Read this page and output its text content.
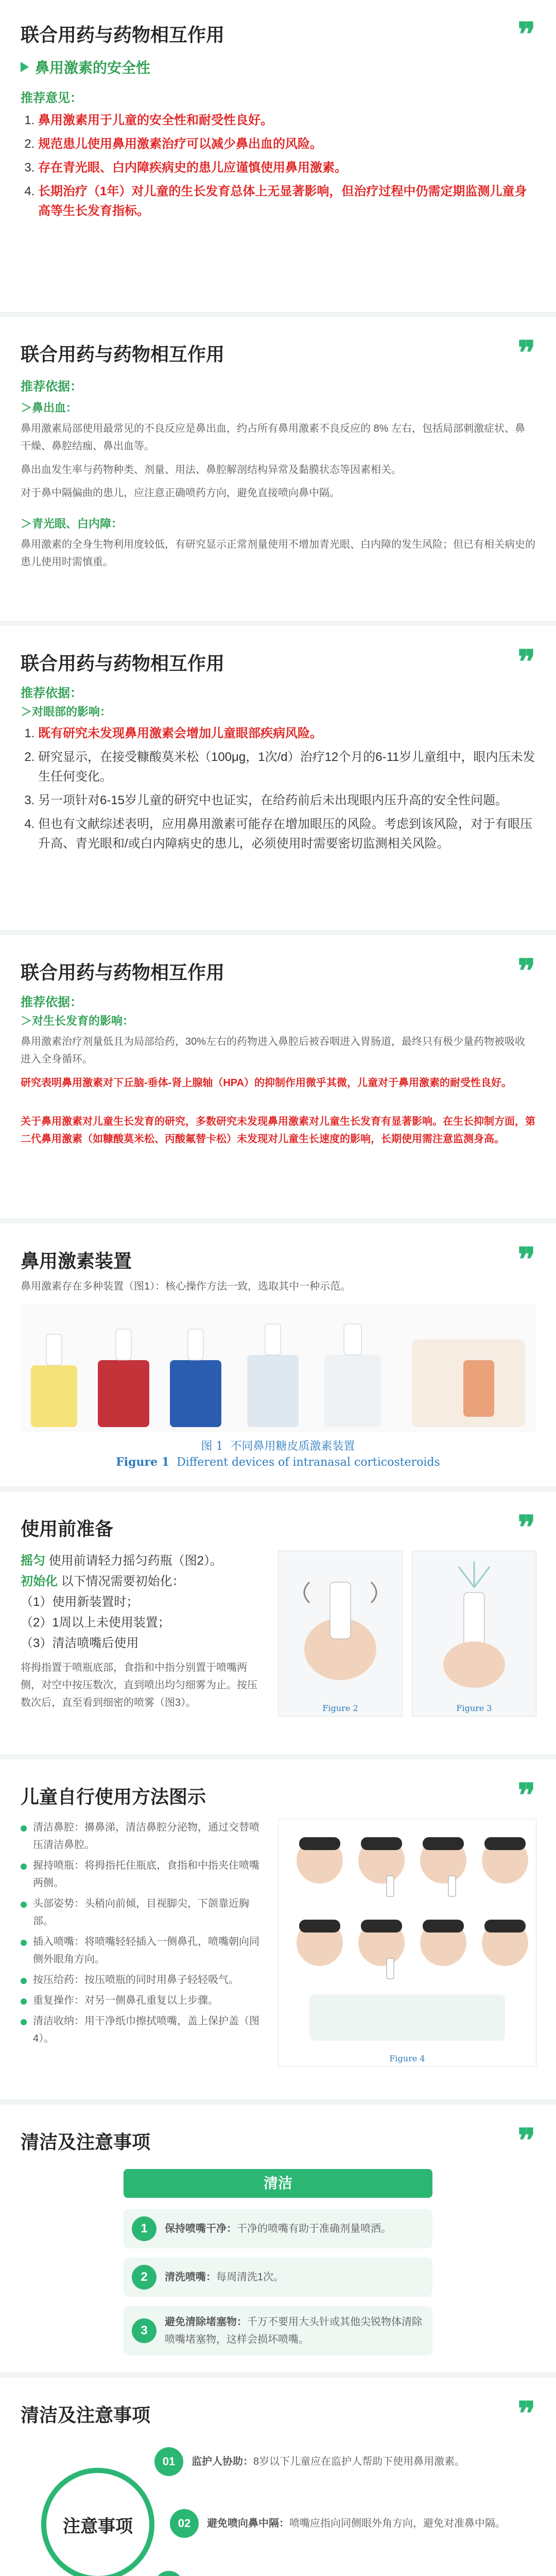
联合用药与药物相互作用	❞
鼻用激素的安全性
推荐意见：
1. 鼻用激素用于儿童的安全性和耐受性良好。
2. 规范患儿使用鼻用激素治疗可以减少鼻出血的风险。
3. 存在青光眼、白内障疾病史的患儿应谨慎使用鼻用激素。
4. 长期治疗（1年）对儿童的生长发育总体上无显著影响，但治疗过程中仍需定期监测儿童身高等生长发育指标。
联合用药与药物相互作用	❞
推荐依据：
＞鼻出血：
鼻用激素局部使用最常见的不良反应是鼻出血，约占所有鼻用激素不良反应的 8% 左右，包括局部刺激症状、鼻干燥、鼻腔结痂、鼻出血等。
鼻出血发生率与药物种类、剂量、用法、鼻腔解剖结构异常及黏膜状态等因素相关。
对于鼻中隔偏曲的患儿，应注意正确喷药方向，避免直接喷向鼻中隔。
＞青光眼、白内障：
鼻用激素的全身生物利用度较低，有研究显示正常剂量使用不增加青光眼、白内障的发生风险；但已有相关病史的患儿使用时需慎重。
联合用药与药物相互作用	❞
推荐依据：
＞对眼部的影响：
1. 既有研究未发现鼻用激素会增加儿童眼部疾病风险。
2. 研究显示，在接受糠酸莫米松（100μg，1次/d）治疗12个月的6-11岁儿童组中，眼内压未发生任何变化。
3. 另一项针对6-15岁儿童的研究中也证实，在给药前后未出现眼内压升高的安全性问题。
4. 但也有文献综述表明，应用鼻用激素可能存在增加眼压的风险。考虑到该风险，对于有眼压升高、青光眼和/或白内障病史的患儿，必须使用时需要密切监测相关风险。
联合用药与药物相互作用	❞
推荐依据：
＞对生长发育的影响：
鼻用激素治疗剂量低且为局部给药，30%左右的药物进入鼻腔后被吞咽进入胃肠道，最终只有极少量药物被吸收进入全身循环。
研究表明鼻用激素对下丘脑-垂体-肾上腺轴（HPA）的抑制作用微乎其微，儿童对于鼻用激素的耐受性良好。
关于鼻用激素对儿童生长发育的研究，多数研究未发现鼻用激素对儿童生长发育有显著影响。在生长抑制方面，第二代鼻用激素（如糠酸莫米松、丙酸氟替卡松）未发现对儿童生长速度的影响，长期使用需注意监测身高。
鼻用激素装置	❞
鼻用激素存在多种装置（图1）：核心操作方法一致，选取其中一种示范。
图 1 不同鼻用糖皮质激素装置
Figure 1 Different devices of intranasal corticosteroids
使用前准备	❞
摇匀 使用前请轻力摇匀药瓶（图2）。
初始化 以下情况需要初始化：
（1）使用新装置时；
（2）1周以上未使用装置；
（3）清洁喷嘴后使用
将拇指置于喷瓶底部，食指和中指分别置于喷嘴两侧，对空中按压数次，直到喷出均匀细雾为止。按压数次后，直至看到细密的喷雾（图3）。	Figure 2	Figure 3
儿童自行使用方法图示	❞
清洁鼻腔：擤鼻涕，清洁鼻腔分泌物，通过交替喷压清洁鼻腔。
握持喷瓶：将拇指托住瓶底，食指和中指夹住喷嘴两侧。
头部姿势：头稍向前倾，目视脚尖，下颌靠近胸部。
插入喷嘴：将喷嘴轻轻插入一侧鼻孔，喷嘴朝向同侧外眼角方向。
按压给药：按压喷瓶的同时用鼻子轻轻吸气。
重复操作：对另一侧鼻孔重复以上步骤。
清洁收纳：用干净纸巾擦拭喷嘴，盖上保护盖（图4）。
Figure 4
清洁及注意事项	❞
清洁
1	保持喷嘴干净：干净的喷嘴有助于准确剂量喷洒。
2	清洗喷嘴：每周清洗1次。
3
避免清除堵塞物：千万不要用大头针或其他尖锐物体清除喷嘴堵塞物，这样会损坏喷嘴。
清洁及注意事项	❞
注意事项
01	监护人协助：8岁以下儿童应在监护人帮助下使用鼻用激素。
02	避免喷向鼻中隔：喷嘴应指向同侧眼外角方向，避免对准鼻中隔。
